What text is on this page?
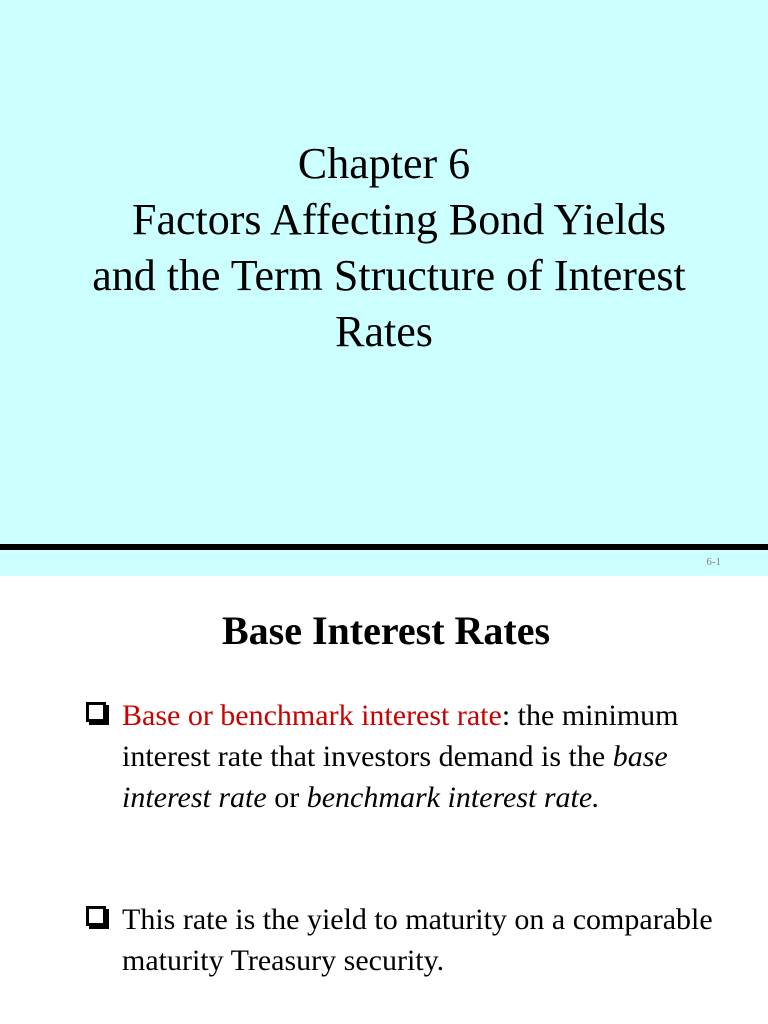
Chapter 6
Factors Affecting Bond Yields
and the Term Structure of Interest
Rates
6-1
Base Interest Rates
Base or benchmark interest rate: the minimum interest rate that investors demand is the base interest rate or benchmark interest rate.
This rate is the yield to maturity on a comparable maturity Treasury security.
